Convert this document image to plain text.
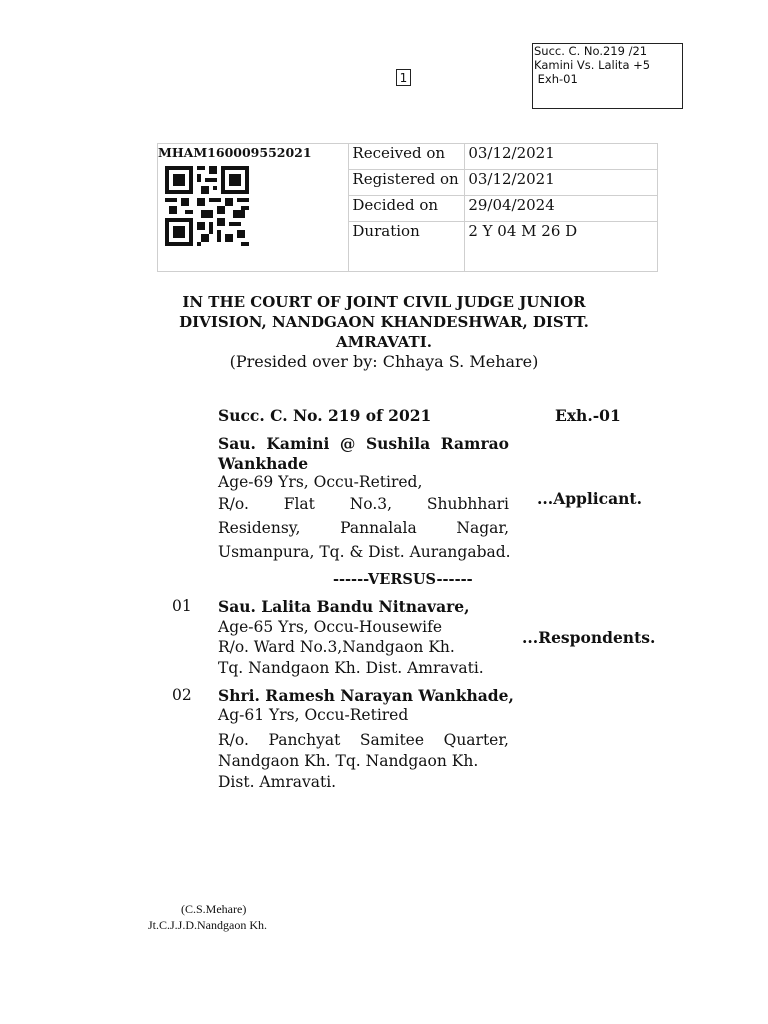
Succ. C. No.219 /21
Kamini Vs. Lalita +5
Exh-01
1
	Received on	03/12/2021
	Registered on	03/12/2021
	Decided on	29/04/2024
	Duration	2 Y 04 M 26 D

MHAM160009552021
IN THE COURT OF JOINT CIVIL JUDGE JUNIOR
DIVISION, NANDGAON KHANDESHWAR, DISTT.
AMRAVATI.
(Presided over by: Chhaya S. Mehare)
Succ. C. No. 219 of 2021	Exh.-01
Sau. Kamini @ Sushila Ramrao
Wankhade
Age-69 Yrs, Occu-Retired,
R/o. Flat No.3, Shubhhari
Residensy, Pannalala Nagar,
Usmanpura, Tq. & Dist. Aurangabad.
...Applicant.
------VERSUS------
01 Sau. Lalita Bandu Nitnavare,
Age-65 Yrs, Occu-Housewife
R/o. Ward No.3,Nandgaon Kh.
Tq. Nandgaon Kh. Dist. Amravati.
...Respondents.
02 Shri. Ramesh Narayan Wankhade,
Ag-61 Yrs, Occu-Retired
R/o. Panchyat Samitee Quarter,
Nandgaon Kh. Tq. Nandgaon Kh.
Dist. Amravati.
(C.S.Mehare)
Jt.C.J.J.D.Nandgaon Kh.
